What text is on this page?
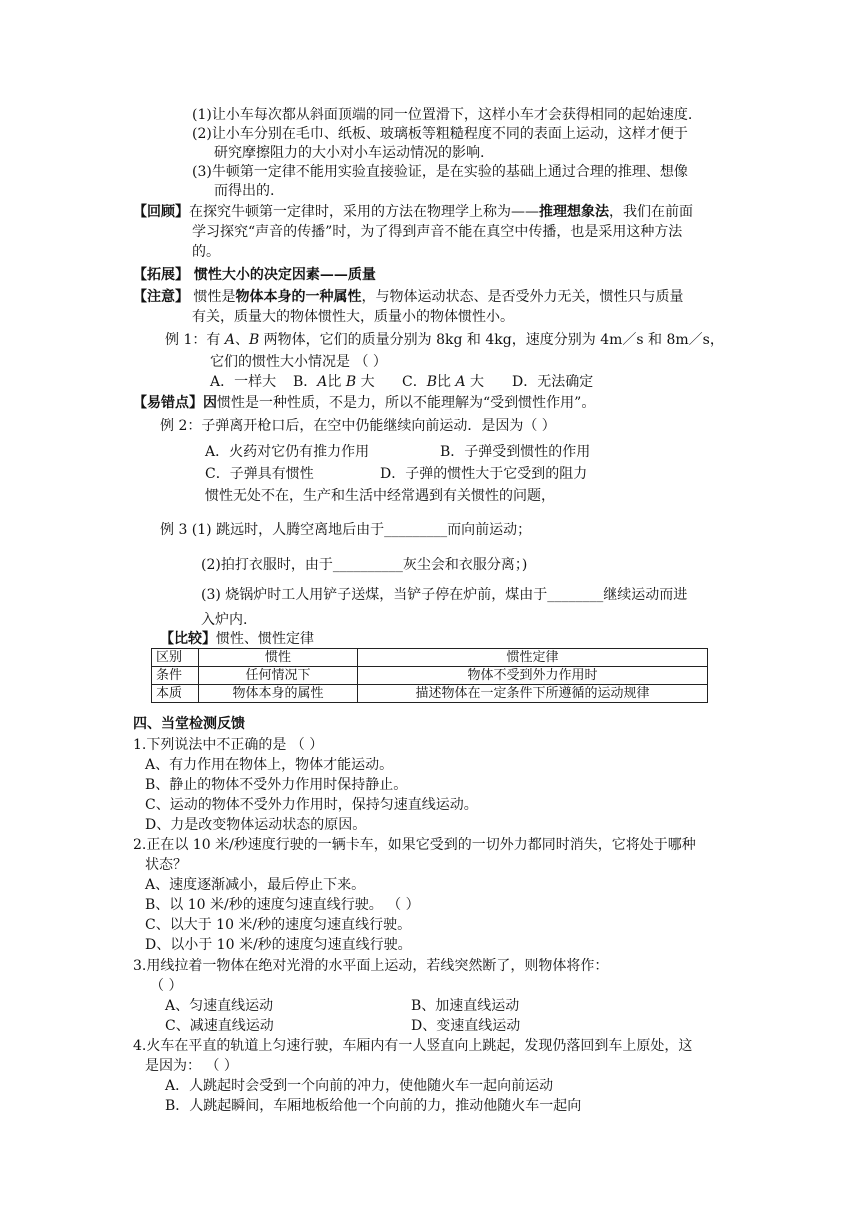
(1)让小车每次都从斜面顶端的同一位置滑下，这样小车才会获得相同的起始速度.
(2)让小车分别在毛巾、纸板、玻璃板等粗糙程度不同的表面上运动，这样才便于
研究摩擦阻力的大小对小车运动情况的影响.
(3)牛顿第一定律不能用实验直接验证，是在实验的基础上通过合理的推理、想像
而得出的.
【回顾】在探究牛顿第一定律时，采用的方法在物理学上称为——推理想象法，我们在前面
学习探究“声音的传播”时，为了得到声音不能在真空中传播，也是采用这种方法
的。
【拓展】 惯性大小的决定因素——质量
【注意】 惯性是物体本身的一种属性，与物体运动状态、是否受外力无关，惯性只与质量
有关，质量大的物体惯性大，质量小的物体惯性小。
例 1：有 A、B 两物体，它们的质量分别为 8kg 和 4kg，速度分别为 4m／s 和 8m／s，
它们的惯性大小情况是 （ ）
A．一样大 B．A比 B 大 C．B比 A 大 D．无法确定
【易错点】因惯性是一种性质，不是力，所以不能理解为“受到惯性作用”。
例 2：子弹离开枪口后，在空中仍能继续向前运动．是因为（ ）
A．火药对它仍有推力作用	B．子弹受到惯性的作用
C．子弹具有惯性	D．子弹的惯性大于它受到的阻力
惯性无处不在，生产和生活中经常遇到有关惯性的问题，
例 3 (1) 跳远时，人腾空离地后由于_________而向前运动；
(2)拍打衣服时，由于__________灰尘会和衣服分离；)
(3) 烧锅炉时工人用铲子送煤，当铲子停在炉前，煤由于________继续运动而进
入炉内.
【比较】惯性、惯性定律
区别	惯性	惯性定律
条件	任何情况下	物体不受到外力作用时
本质	物体本身的属性	描述物体在一定条件下所遵循的运动规律
四、当堂检测反馈
1.下列说法中不正确的是 （ ）
A、有力作用在物体上，物体才能运动。
B、静止的物体不受外力作用时保持静止。
C、运动的物体不受外力作用时，保持匀速直线运动。
D、力是改变物体运动状态的原因。
2.正在以 10 米/秒速度行驶的一辆卡车，如果它受到的一切外力都同时消失，它将处于哪种
状态？
A、速度逐渐减小，最后停止下来。
B、以 10 米/秒的速度匀速直线行驶。 （ ）
C、以大于 10 米/秒的速度匀速直线行驶。
D、以小于 10 米/秒的速度匀速直线行驶。
3.用线拉着一物体在绝对光滑的水平面上运动，若线突然断了，则物体将作：
（ ）
A、匀速直线运动	B、加速直线运动
C、减速直线运动	D、变速直线运动
4.火车在平直的轨道上匀速行驶，车厢内有一人竖直向上跳起，发现仍落回到车上原处，这
是因为： （ ）
A．人跳起时会受到一个向前的冲力，使他随火车一起向前运动
B．人跳起瞬间，车厢地板给他一个向前的力，推动他随火车一起向
